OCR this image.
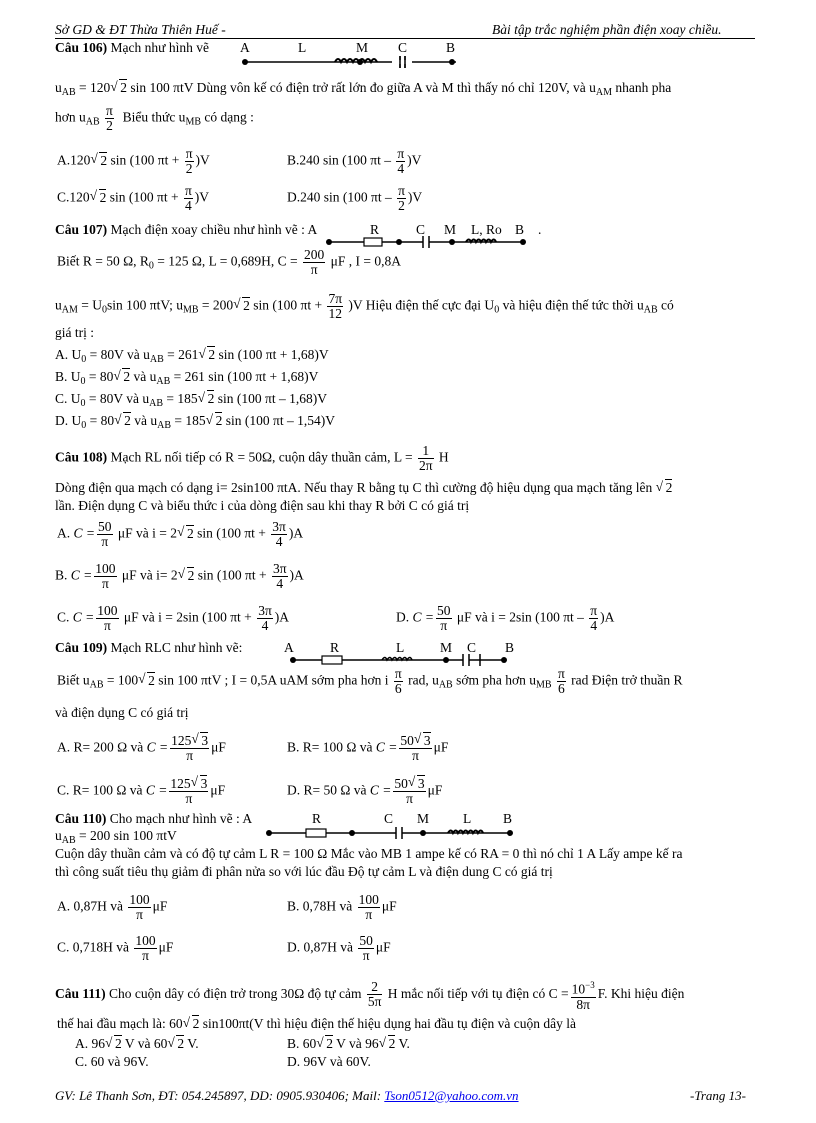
Sở GD & ĐT Thừa Thiên Huế -	Bài tập trắc nghiệm phần điện xoay chiều.
Câu 106) Mạch như hình vẽ A	L	M C	B
$u_{AB} = 120$ 2
√ sin 100 πtV Dùng vôn kế có điện trở rất lớn đo giữa A và M thì thấy nó chỉ 120V, và $u_{AM}$ nhanh pha
hơn $u_{AB} \frac{\pi}{2}$ Biểu thức $u_{MB}$ có dạng :
A.120 2
√ sin (100 $\pi t + \frac{\pi}{2} )V$	B.240 sin (100 πt – $\frac{\pi}{4} )V$
C.120 2
√ sin (100 $\pi t + \frac{\pi}{4} )V$	D.240 sin (100 πt – $\frac{\pi}{2} )V$
Câu 107) Mạch điện xoay chiều như hình vẽ : A	R	C M L, Ro B .
Biết R = 50 Ω, $R_0 = 125$ Ω, L = 0,689H, $C = \frac{200}{\pi}$ μF , I = 0,8A
$u_{AM} = U_0\sin$ 100 πtV; $u_{MB} = 200$ 2
√ sin (100 $\pi t + \frac{7\pi}{12} )V$ Hiệu điện thế cực đại $U_0$ và hiệu điện thế tức thời $u_{AB}$ có
giá trị :
A. $U_0 = 80V$ và $u_{AB} = 261$ 2
√ sin (100 πt + 1,68)V
B. $U_0 = 80$ 2
√ và $u_{AB} = 261$ sin (100 πt + 1,68)V
C. $U_0 = 80V$ và $u_{AB} = 185$ 2
√ sin (100 πt – 1,68)V
D. $U_0 = 80$ 2
√ và $u_{AB} = 185$ 2
√ sin (100 πt – 1,54)V
Câu 108) Mạch RL nối tiếp có R = 50Ω, cuộn dây thuần cảm, $L = \frac{1}{2\pi}$ H
Dòng điện qua mạch có dạng i= 2sin100 πtA. Nếu thay R bằng tụ C thì cường độ hiệu dụng qua mạch tăng lên 2
√
lần. Điện dụng C và biểu thức i của dòng điện sau khi thay R bởi C có giá trị
A. $C = \frac{50}{\pi}$ μF và i = 2 2
√ sin (100 $\pi t + \frac{3\pi}{4} )A$
B. $C = \frac{100}{\pi}$ μF và i= 2 2
√ sin (100 $\pi t + \frac{3\pi}{4} )A$
C. $C = \frac{100}{\pi}$ μF và i = 2sin (100 $\pi t + \frac{3\pi}{4} )A$	D. $C = \frac{50}{\pi}$ μF và i = 2sin (100 πt – $\frac{\pi}{4} )A$
Câu 109) Mạch RLC như hình vẽ:	A	R	L	M C B
Biết $u_{AB} = 100$ 2
√ sin 100 πtV ; I = 0,5A uAM sớm pha hơn i $\frac{\pi}{6}$ rad, $u_{AB}$ sớm pha hơn $u_{MB} \frac{\pi}{6}$ rad Điện trở thuần R
và điện dụng C có giá trị
A. R= 200 Ω và C = 125 3
√
π μF	B. R= 100 Ω và C = 50 3
√
π μF
C. R= 100 Ω và C = 125 3
√
π μF	D. R= 50 Ω và C = 50 3
√
π μF
Câu 110) Cho mạch như hình vẽ : A	R	C M	L B
$u_{AB} = 200$ sin 100 πtV
Cuộn dây thuần cảm và có độ tự cảm L R = 100 Ω Mắc vào MB 1 ampe kế có RA = 0 thì nó chỉ 1 A Lấy ampe kế ra
thì công suất tiêu thụ giảm đi phân nửa so với lúc đầu Độ tự cảm L và điện dung C có giá trị
A. 0,87H và $\frac{100}{\pi}$ μF	B. 0,78H và $\frac{100}{\pi}$ μF
C. 0,718H và $\frac{100}{\pi}$ μF	D. 0,87H và $\frac{50}{\pi}$ μF
Câu 111) Cho cuộn dây có điện trở trong 30Ω độ tự cảm $\frac{2}{5\pi}$ H mắc nối tiếp với tụ điện có $C = \frac{10^{-3}}{8\pi} F$. Khi hiệu điện
thế hai đầu mạch là: 60 2
√ sin100πt(V thì hiệu điện thế hiệu dụng hai đầu tụ điện và cuộn dây là
A. 96 2
√ V và 60 2
√ V.	B. 60 2
√ V và 96 2
√ V.
C. 60 và 96V.	D. 96V và 60V.
GV: Lê Thanh Sơn, ĐT: 054.245897, DD: 0905.930406; Mail: Tson0512@yahoo.com.vn	-Trang 13-
